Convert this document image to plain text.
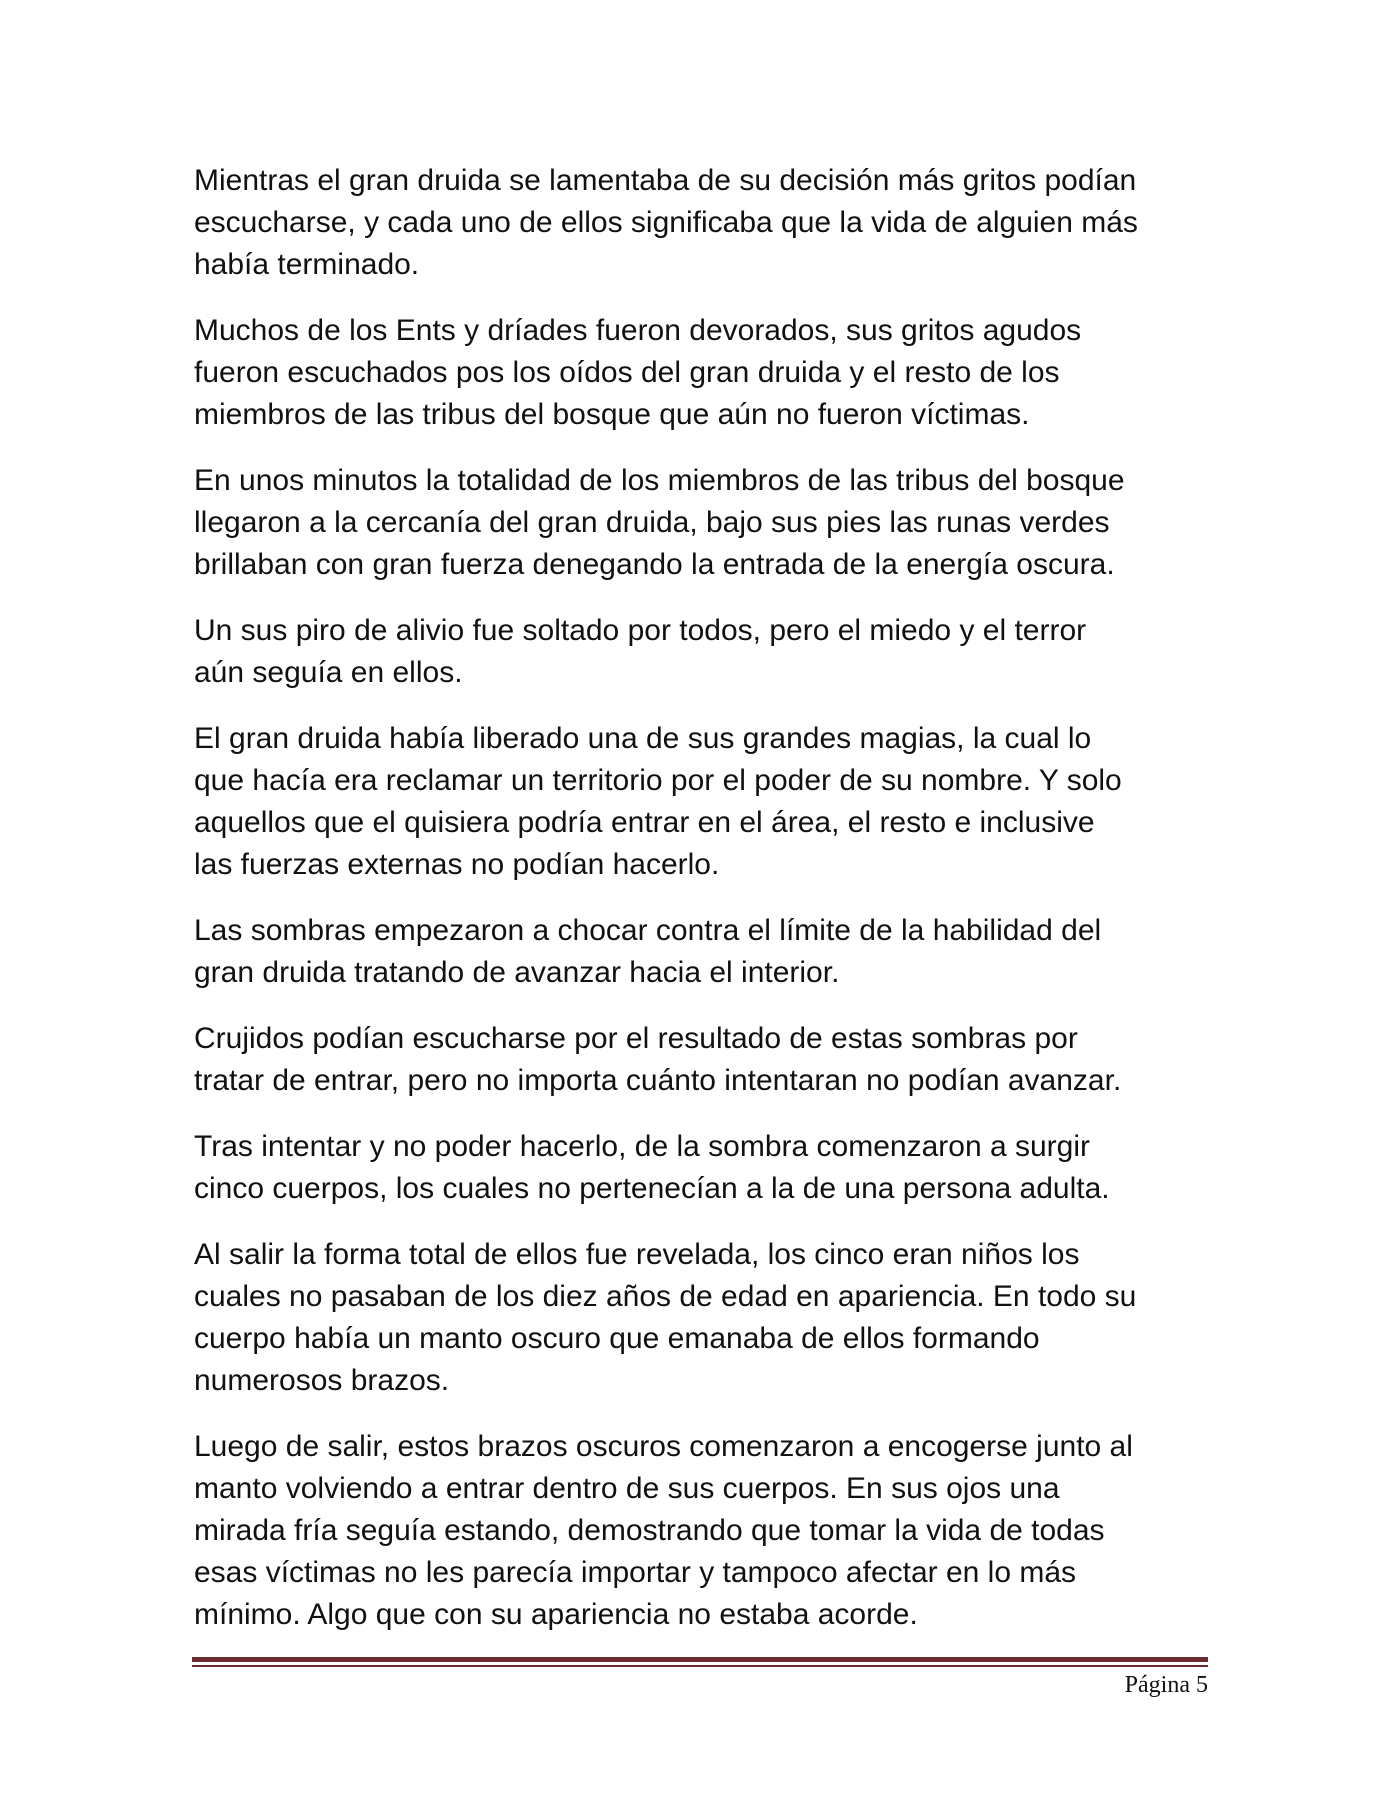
Mientras el gran druida se lamentaba de su decisión más gritos podían
escucharse, y cada uno de ellos significaba que la vida de alguien más
había terminado.

Muchos de los Ents y dríades fueron devorados, sus gritos agudos
fueron escuchados pos los oídos del gran druida y el resto de los
miembros de las tribus del bosque que aún no fueron víctimas.

En unos minutos la totalidad de los miembros de las tribus del bosque
llegaron a la cercanía del gran druida, bajo sus pies las runas verdes
brillaban con gran fuerza denegando la entrada de la energía oscura.

Un sus piro de alivio fue soltado por todos, pero el miedo y el terror
aún seguía en ellos.

El gran druida había liberado una de sus grandes magias, la cual lo
que hacía era reclamar un territorio por el poder de su nombre. Y solo
aquellos que el quisiera podría entrar en el área, el resto e inclusive
las fuerzas externas no podían hacerlo.

Las sombras empezaron a chocar contra el límite de la habilidad del
gran druida tratando de avanzar hacia el interior.

Crujidos podían escucharse por el resultado de estas sombras por
tratar de entrar, pero no importa cuánto intentaran no podían avanzar.

Tras intentar y no poder hacerlo, de la sombra comenzaron a surgir
cinco cuerpos, los cuales no pertenecían a la de una persona adulta.

Al salir la forma total de ellos fue revelada, los cinco eran niños los
cuales no pasaban de los diez años de edad en apariencia. En todo su
cuerpo había un manto oscuro que emanaba de ellos formando
numerosos brazos.

Luego de salir, estos brazos oscuros comenzaron a encogerse junto al
manto volviendo a entrar dentro de sus cuerpos. En sus ojos una
mirada fría seguía estando, demostrando que tomar la vida de todas
esas víctimas no les parecía importar y tampoco afectar en lo más
mínimo. Algo que con su apariencia no estaba acorde.

Página 5
